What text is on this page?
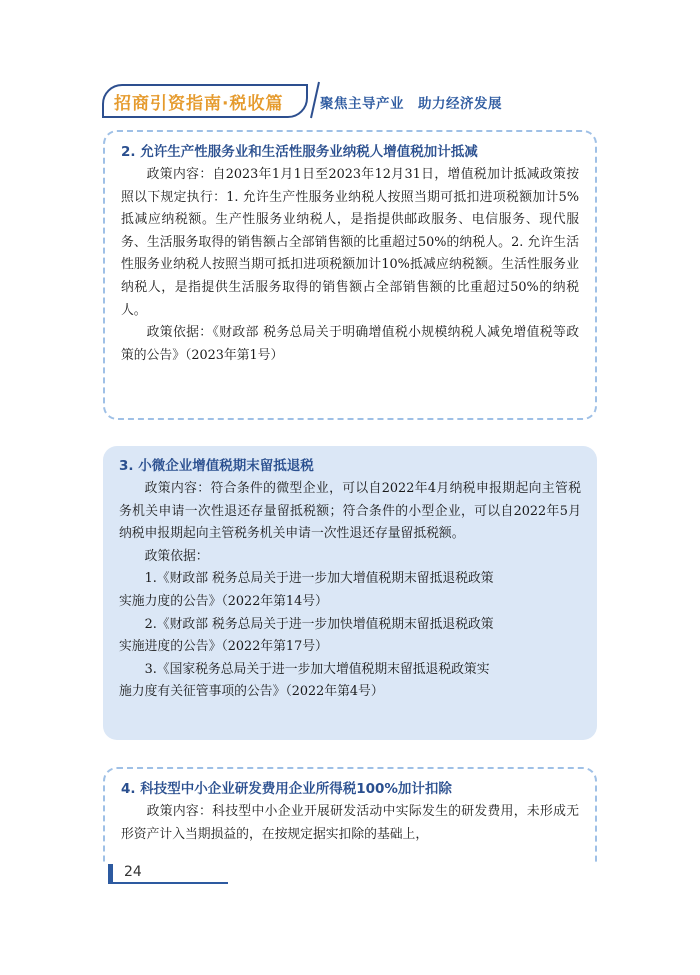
招商引资指南·税收篇	聚焦主导产业 助力经济发展
2. 允许生产性服务业和生活性服务业纳税人增值税加计抵减

政策内容：自2023年1月1日至2023年12月31日，增值税加计抵减政策按照以下规定执行：1. 允许生产性服务业纳税人按照当期可抵扣进项税额加计5%抵减应纳税额。生产性服务业纳税人，是指提供邮政服务、电信服务、现代服务、生活服务取得的销售额占全部销售额的比重超过50%的纳税人。2. 允许生活性服务业纳税人按照当期可抵扣进项税额加计10%抵减应纳税额。生活性服务业纳税人，是指提供生活服务取得的销售额占全部销售额的比重超过50%的纳税人。

政策依据：《财政部 税务总局关于明确增值税小规模纳税人减免增值税等政策的公告》（2023年第1号）

3. 小微企业增值税期末留抵退税

政策内容：符合条件的微型企业，可以自2022年4月纳税申报期起向主管税务机关申请一次性退还存量留抵税额；符合条件的小型企业，可以自2022年5月纳税申报期起向主管税务机关申请一次性退还存量留抵税额。

政策依据：

1.《财政部 税务总局关于进一步加大增值税期末留抵退税政策
实施力度的公告》（2022年第14号）

2.《财政部 税务总局关于进一步加快增值税期末留抵退税政策
实施进度的公告》（2022年第17号）

3.《国家税务总局关于进一步加大增值税期末留抵退税政策实
施力度有关征管事项的公告》（2022年第4号）

4. 科技型中小企业研发费用企业所得税100%加计扣除

政策内容：科技型中小企业开展研发活动中实际发生的研发费用，未形成无形资产计入当期损益的，在按规定据实扣除的基础上，

24
